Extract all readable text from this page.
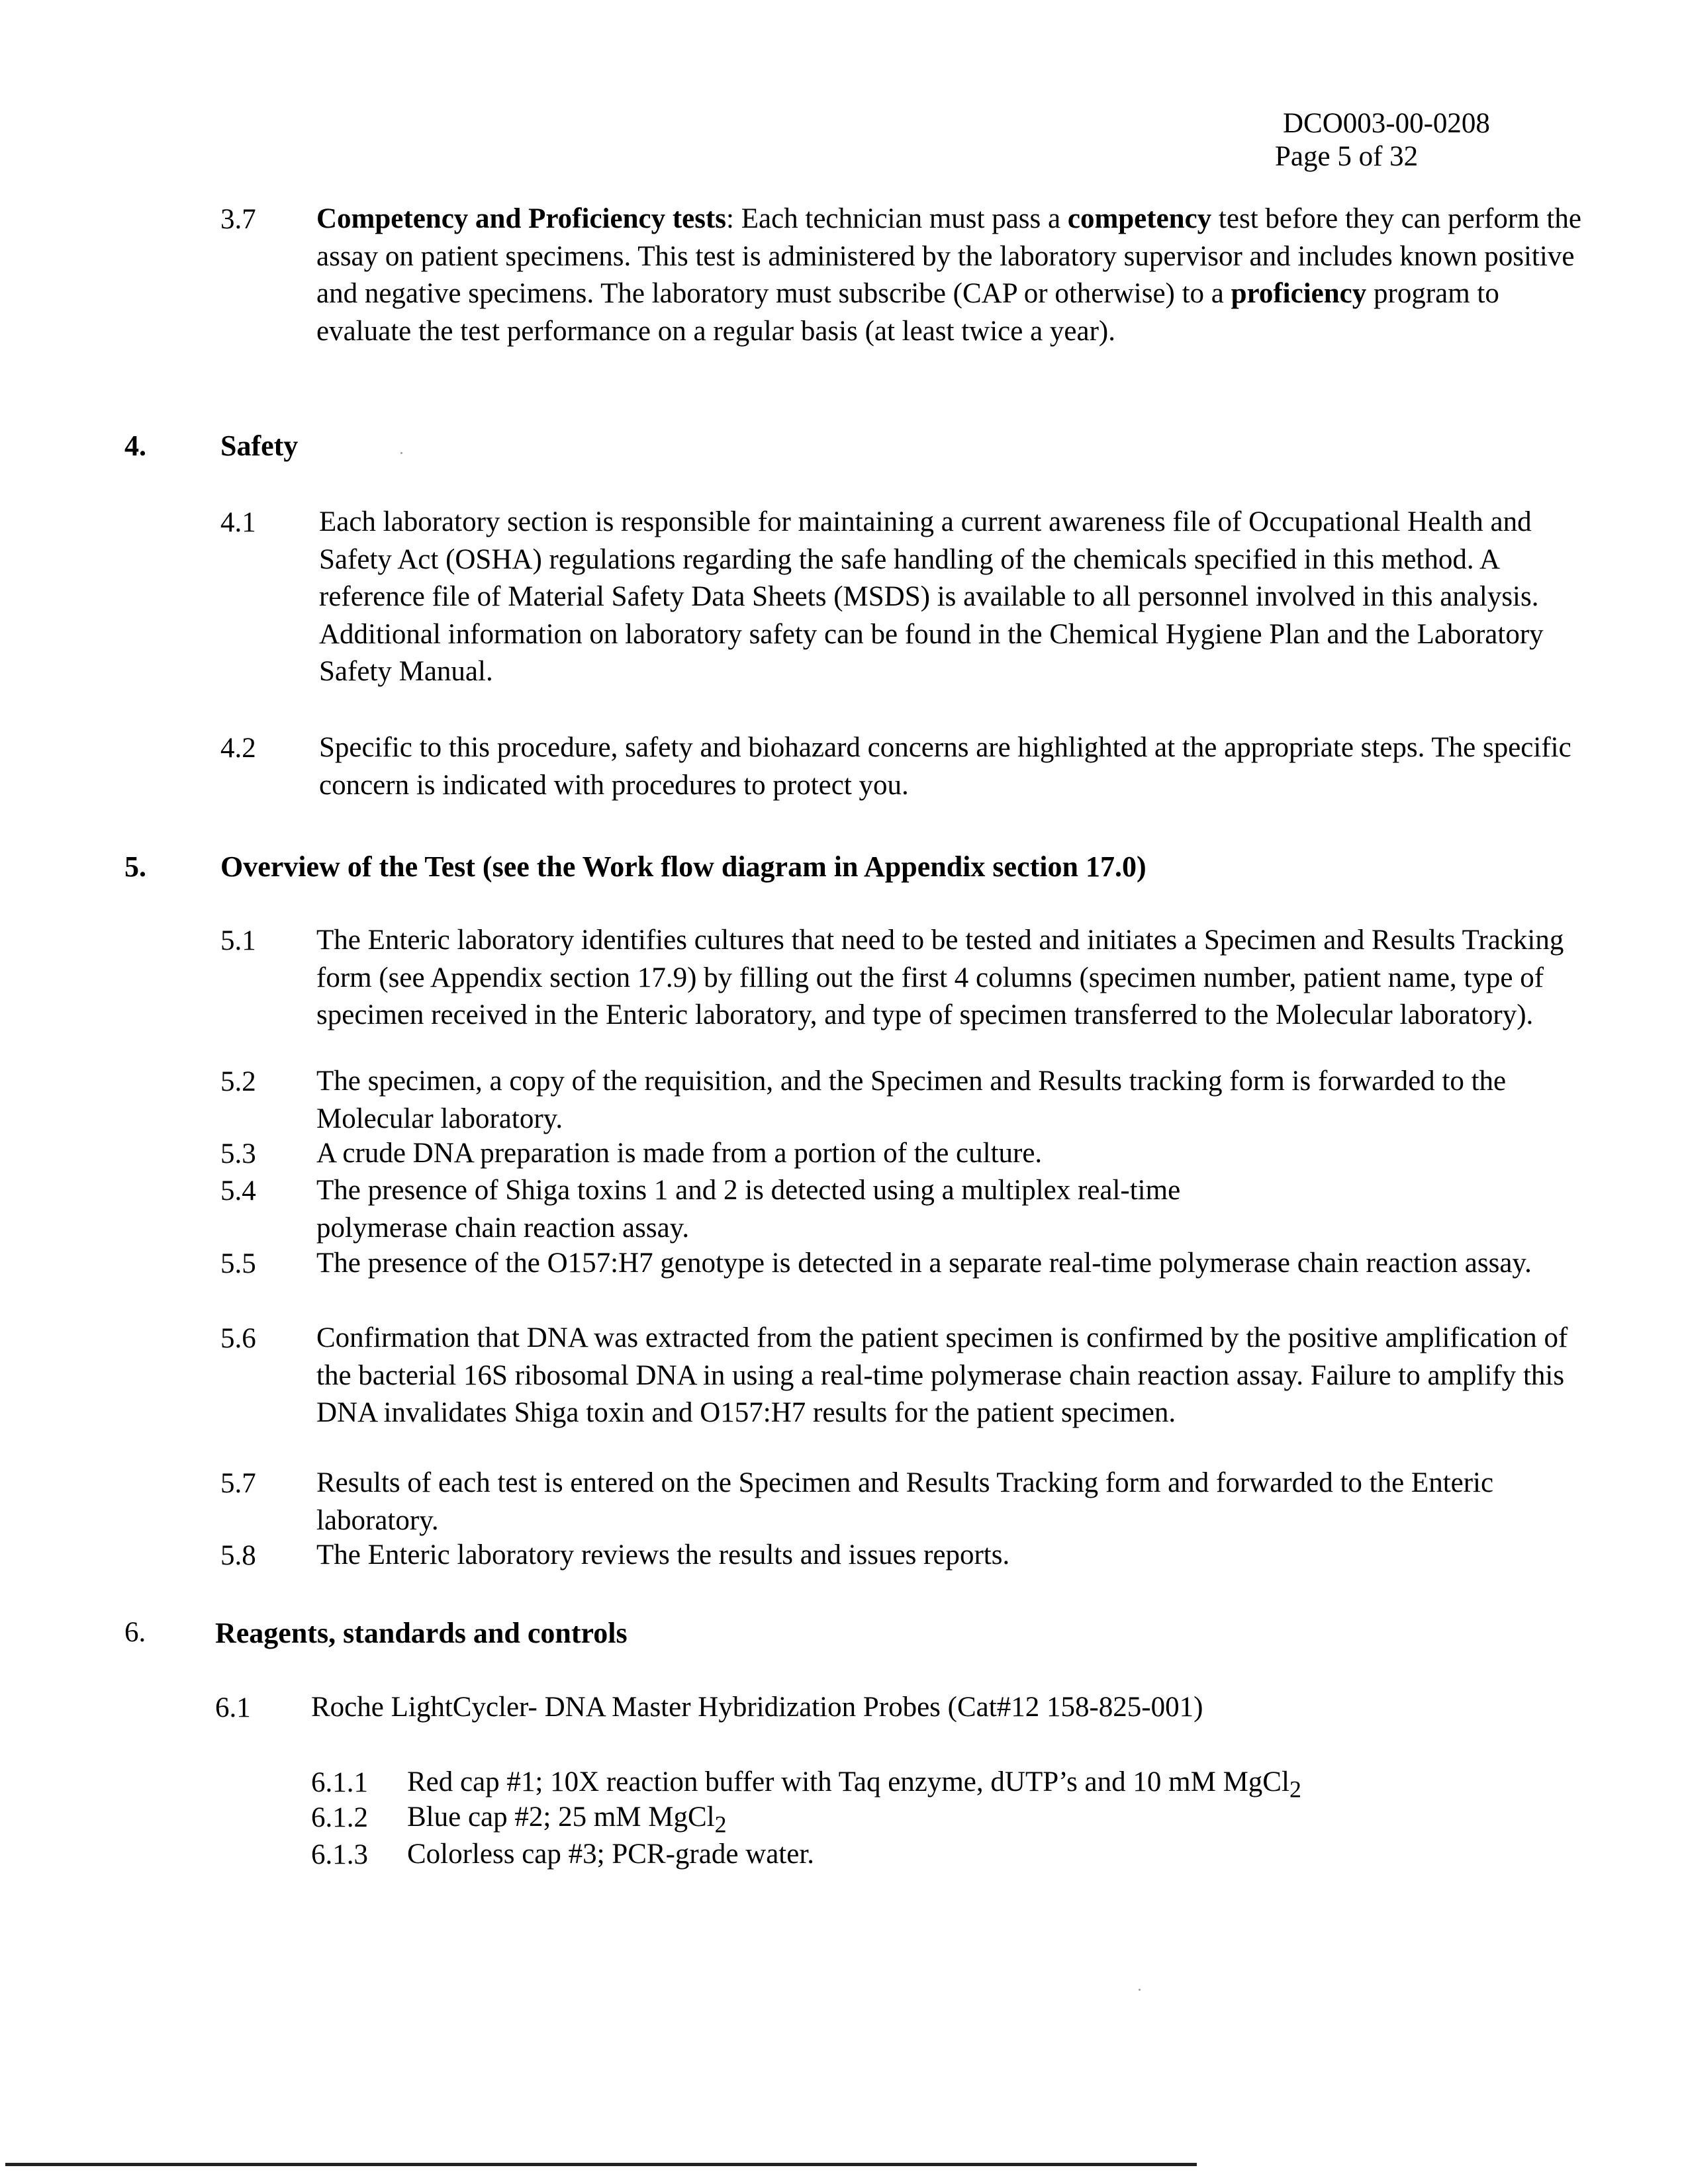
DCO003-00-0208
Page 5 of 32
3.7 Competency and Proficiency tests: Each technician must pass a competency test before they can perform the assay on patient specimens. This test is administered by the laboratory supervisor and includes known positive and negative specimens. The laboratory must subscribe (CAP or otherwise) to a proficiency program to evaluate the test performance on a regular basis (at least twice a year).
4.	Safety
4.1 Each laboratory section is responsible for maintaining a current awareness file of Occupational Health and Safety Act (OSHA) regulations regarding the safe handling of the chemicals specified in this method. A reference file of Material Safety Data Sheets (MSDS) is available to all personnel involved in this analysis. Additional information on laboratory safety can be found in the Chemical Hygiene Plan and the Laboratory Safety Manual.
4.2 Specific to this procedure, safety and biohazard concerns are highlighted at the appropriate steps. The specific concern is indicated with procedures to protect you.
5.	Overview of the Test (see the Work flow diagram in Appendix section 17.0)
5.1 The Enteric laboratory identifies cultures that need to be tested and initiates a Specimen and Results Tracking form (see Appendix section 17.9) by filling out the first 4 columns (specimen number, patient name, type of specimen received in the Enteric laboratory, and type of specimen transferred to the Molecular laboratory).
5.2 The specimen, a copy of the requisition, and the Specimen and Results tracking form is forwarded to the Molecular laboratory.
5.3 A crude DNA preparation is made from a portion of the culture.
5.4 The presence of Shiga toxins 1 and 2 is detected using a multiplex real-time
polymerase chain reaction assay.
5.5 The presence of the O157:H7 genotype is detected in a separate real-time polymerase chain reaction assay.
5.6 Confirmation that DNA was extracted from the patient specimen is confirmed by the positive amplification of the bacterial 16S ribosomal DNA in using a real-time polymerase chain reaction assay. Failure to amplify this DNA invalidates Shiga toxin and O157:H7 results for the patient specimen.
5.7 Results of each test is entered on the Specimen and Results Tracking form and forwarded to the Enteric laboratory.
5.8 The Enteric laboratory reviews the results and issues reports.
6. Reagents, standards and controls
6.1 Roche LightCycler- DNA Master Hybridization Probes (Cat#12 158-825-001)
6.1.1 Red cap #1; 10X reaction buffer with Taq enzyme, dUTP’s and 10 mM MgCl$_2$
6.1.2 Blue cap #2; 25 mM MgCl$_2$
6.1.3 Colorless cap #3; PCR-grade water.
